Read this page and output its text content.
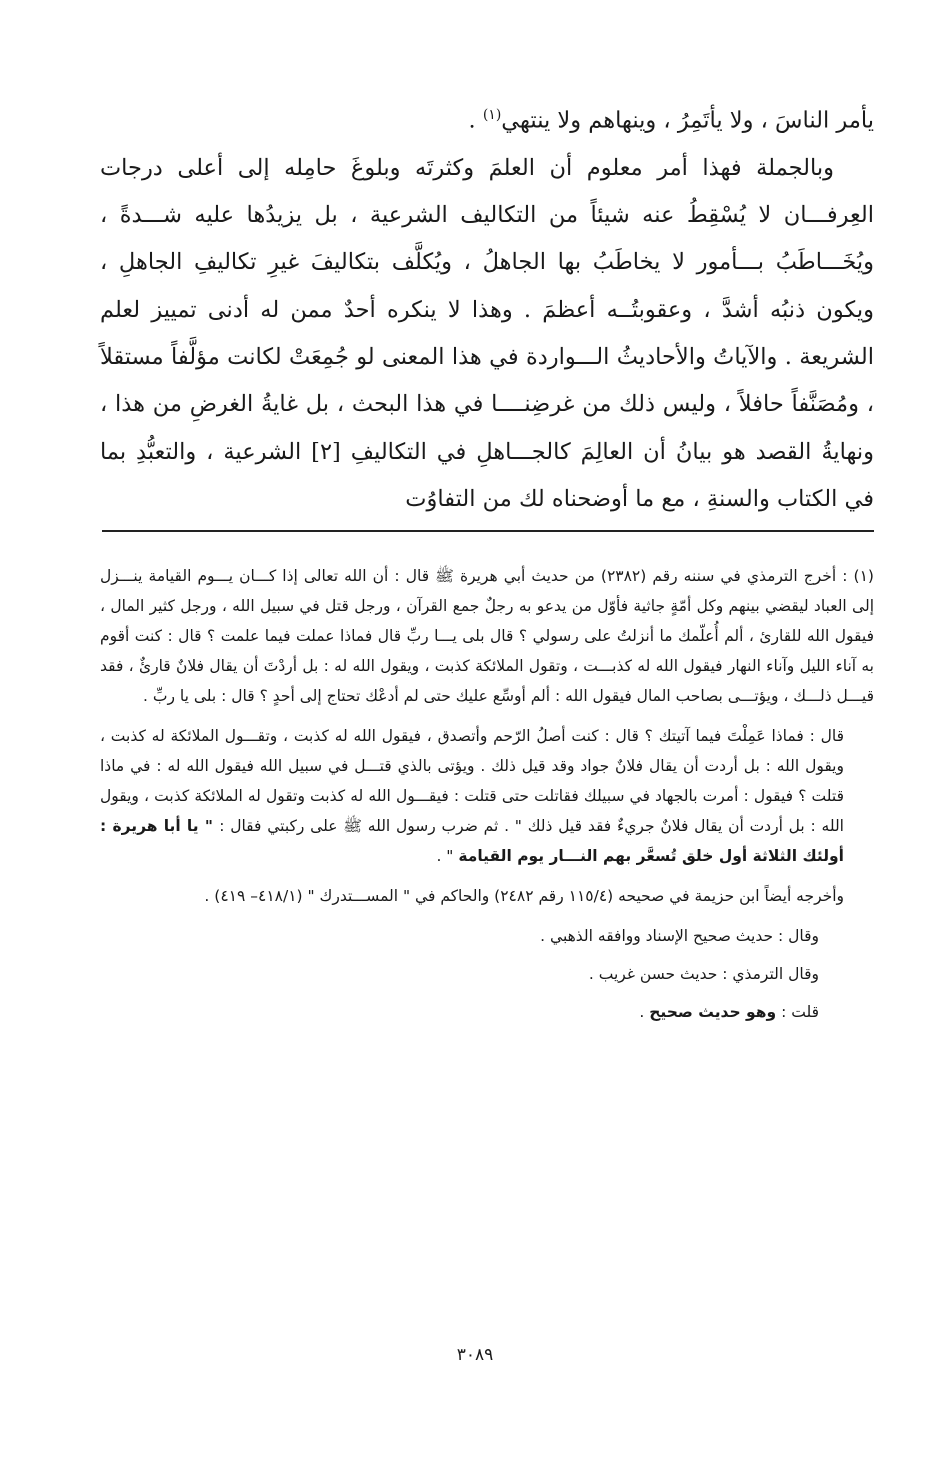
يأمر الناسَ ، ولا يأتَمِرُ ، وينهاهم ولا ينتهي$^{(١)}$ .

وبالجملة فهذا أمر معلوم أن العلمَ وكثرتَه وبلوغَ حامِله إلى أعلى درجات العِرفـــان لا يُسْقِطُ عنه شيئاً من التكاليف الشرعية ، بل يزيدُها عليه شـــدةً ، ويُخَـــاطَبُ بـــأمور لا يخاطَبُ بها الجاهلُ ، ويُكلَّف بتكاليفَ غيرِ تكاليفِ الجاهلِ ، ويكون ذنبُه أشدَّ ، وعقوبتُــه أعظمَ . وهذا لا ينكره أحدٌ ممن له أدنى تمييز لعلم الشريعة . والآياتُ والأحاديثُ الـــواردة في هذا المعنى لو جُمِعَتْ لكانت مؤلَّفاً مستقلاً ، ومُصَنَّفاً حافلاً ، وليس ذلك من غرضِنــــا في هذا البحث ، بل غايةُ الغرضِ من هذا ، ونهايةُ القصد هو بيانُ أن العالِمَ كالجـــاهلِ في التكاليفِ [٢] الشرعية ، والتعبُّدِ بما في الكتاب والسنةِ ، مع ما أوضحناه لك من التفاوُت

(١) : أخرج الترمذي في سننه رقم (٢٣٨٢) من حديث أبي هريرة ﷺ قال : أن الله تعالى إذا كـــان يـــوم القيامة ينـــزل إلى العباد ليقضي بينهم وكل أمّةٍ جاثية فأوّل من يدعو به رجلٌ جمع القرآن ، ورجل قتل في سبيل الله ، ورجل كثير المال ، فيقول الله للقارئ ، ألم أُعلّمك ما أنزلتُ على رسولي ؟ قال بلى يـــا ربِّ قال فماذا عملت فيما علمت ؟ قال : كنت أقوم به آناء الليل وآناء النهار فيقول الله له كذبـــت ، وتقول الملائكة كذبت ، ويقول الله له : بل أردْتَ أن يقال فلانٌ قارئٌ ، فقد قيـــل ذلـــك ، ويؤتـــى بصاحب المال فيقول الله : ألم أوسِّع عليك حتى لم أدعْك تحتاج إلى أحدٍ ؟ قال : بلى يا ربِّ .

قال : فماذا عَمِلْتَ فيما آتيتك ؟ قال : كنت أصلُ الرّحم وأتصدق ، فيقول الله له كذبت ، وتقـــول الملائكة له كذبت ، ويقول الله : بل أردت أن يقال فلانٌ جواد وقد قيل ذلك . ويؤتى بالذي قتـــل في سبيل الله فيقول الله له : في ماذا قتلت ؟ فيقول : أمرت بالجهاد في سبيلك فقاتلت حتى قتلت : فيقـــول الله له كذبت وتقول له الملائكة كذبت ، ويقول الله : بل أردت أن يقال فلانٌ جريءٌ فقد قيل ذلك " . ثم ضرب رسول الله ﷺ على ركبتي فقال : " يا أبا هريرة : أولئك الثلاثة أول خلق تُسعَّر بهم النـــار يوم القيامة " .

وأخرجه أيضاً ابن حزيمة في صحيحه (١١٥/٤ رقم ٢٤٨٢) والحاكم في " المســـتدرك " (٤١٨/١– ٤١٩) .

وقال : حديث صحيح الإسناد ووافقه الذهبي .

وقال الترمذي : حديث حسن غريب .

قلت : وهو حديث صحيح .

٣٠٨٩
